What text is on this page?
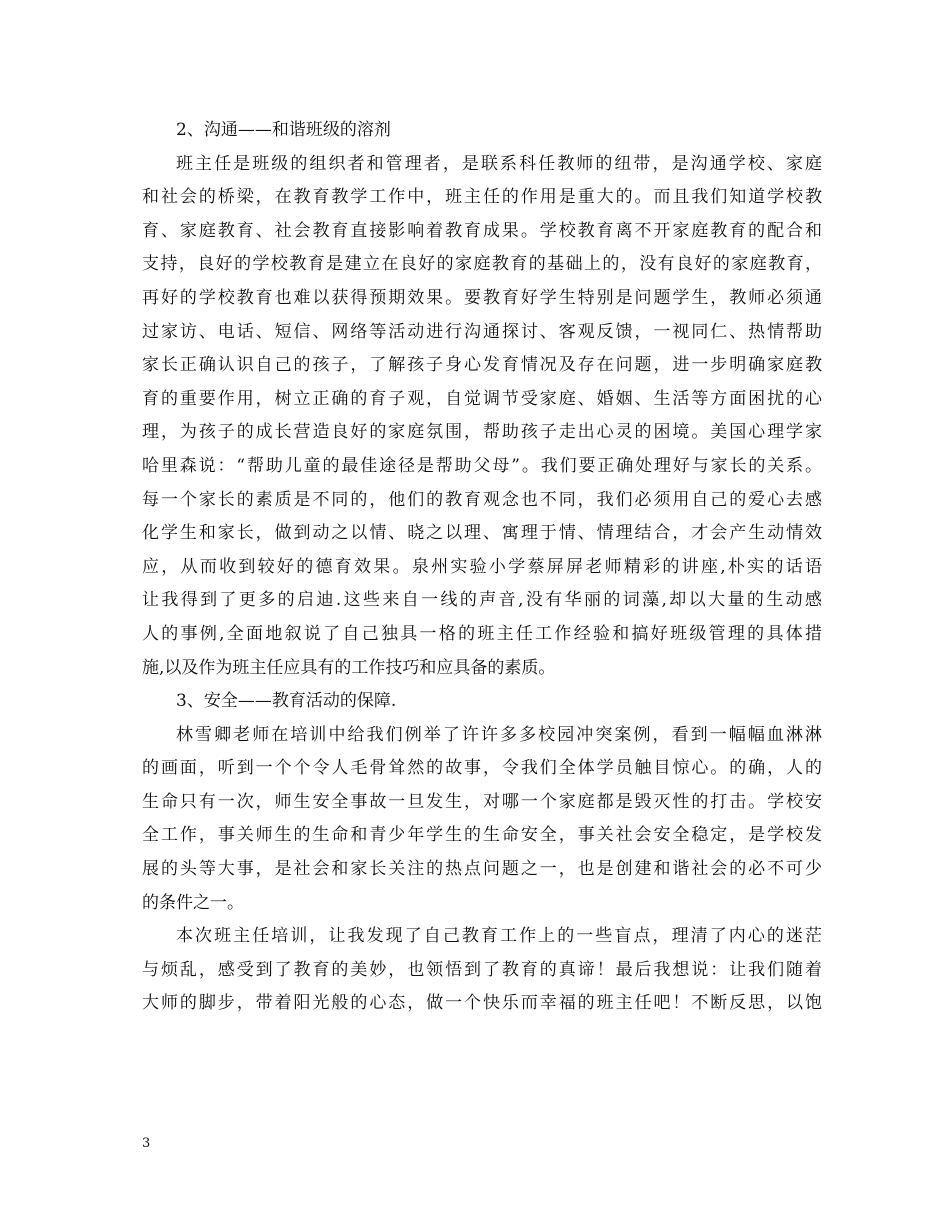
2、沟通——和谐班级的溶剂
班主任是班级的组织者和管理者，是联系科任教师的纽带，是沟通学校、家庭
和社会的桥梁，在教育教学工作中，班主任的作用是重大的。而且我们知道学校教
育、家庭教育、社会教育直接影响着教育成果。学校教育离不开家庭教育的配合和
支持，良好的学校教育是建立在良好的家庭教育的基础上的，没有良好的家庭教育，
再好的学校教育也难以获得预期效果。要教育好学生特别是问题学生，教师必须通
过家访、电话、短信、网络等活动进行沟通探讨、客观反馈，一视同仁、热情帮助
家长正确认识自己的孩子，了解孩子身心发育情况及存在问题，进一步明确家庭教
育的重要作用，树立正确的育子观，自觉调节受家庭、婚姻、生活等方面困扰的心
理，为孩子的成长营造良好的家庭氛围，帮助孩子走出心灵的困境。美国心理学家
哈里森说：“帮助儿童的最佳途径是帮助父母”。我们要正确处理好与家长的关系。
每一个家长的素质是不同的，他们的教育观念也不同，我们必须用自己的爱心去感
化学生和家长，做到动之以情、晓之以理、寓理于情、情理结合，才会产生动情效
应，从而收到较好的德育效果。泉州实验小学蔡屏屏老师精彩的讲座,朴实的话语
让我得到了更多的启迪.这些来自一线的声音,没有华丽的词藻,却以大量的生动感
人的事例,全面地叙说了自己独具一格的班主任工作经验和搞好班级管理的具体措
施,以及作为班主任应具有的工作技巧和应具备的素质。
3、安全——教育活动的保障.
林雪卿老师在培训中给我们例举了许许多多校园冲突案例，看到一幅幅血淋淋
的画面，听到一个个令人毛骨耸然的故事，令我们全体学员触目惊心。的确，人的
生命只有一次，师生安全事故一旦发生，对哪一个家庭都是毁灭性的打击。学校安
全工作，事关师生的生命和青少年学生的生命安全，事关社会安全稳定，是学校发
展的头等大事，是社会和家长关注的热点问题之一，也是创建和谐社会的必不可少
的条件之一。
本次班主任培训，让我发现了自己教育工作上的一些盲点，理清了内心的迷茫
与烦乱，感受到了教育的美妙，也领悟到了教育的真谛！最后我想说：让我们随着
大师的脚步，带着阳光般的心态，做一个快乐而幸福的班主任吧！不断反思，以饱
3
